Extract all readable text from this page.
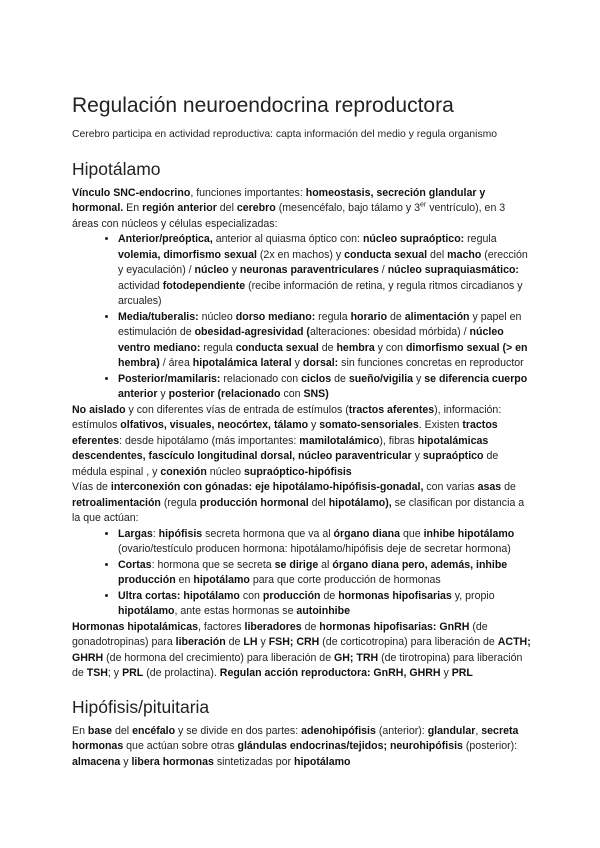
Regulación neuroendocrina reproductora

Cerebro participa en actividad reproductiva: capta información del medio y regula organismo

Hipotálamo

Vínculo SNC-endocrino, funciones importantes: homeostasis, secreción glandular y hormonal. En región anterior del cerebro (mesencéfalo, bajo tálamo y 3er ventrículo), en 3 áreas con núcleos y células especializadas:

• Anterior/preóptica, anterior al quiasma óptico con: núcleo supraóptico: regula volemia, dimorfismo sexual (2x en machos) y conducta sexual del macho (erección y eyaculación) / núcleo y neuronas paraventriculares / núcleo supraquiasmático: actividad fotodependiente (recibe información de retina, y regula ritmos circadianos y arcuales)
• Media/tuberalis: núcleo dorso mediano: regula horario de alimentación y papel en estimulación de obesidad-agresividad (alteraciones: obesidad mórbida) / núcleo ventro mediano: regula conducta sexual de hembra y con dimorfismo sexual (> en hembra) / área hipotalámica lateral y dorsal: sin funciones concretas en reproductor
• Posterior/mamilaris: relacionado con ciclos de sueño/vigilia y se diferencia cuerpo anterior y posterior (relacionado con SNS)

No aislado y con diferentes vías de entrada de estímulos (tractos aferentes), información: estímulos olfativos, visuales, neocórtex, tálamo y somato-sensoriales. Existen tractos eferentes: desde hipotálamo (más importantes: mamilotalámico), fibras hipotalámicas descendentes, fascículo longitudinal dorsal, núcleo paraventricular y supraóptico de médula espinal , y conexión núcleo supraóptico-hipófisis

Vías de interconexión con gónadas: eje hipotálamo-hipófisis-gonadal, con varias asas de retroalimentación (regula producción hormonal del hipotálamo), se clasifican por distancia a la que actúan:

• Largas: hipófisis secreta hormona que va al órgano diana que inhibe hipotálamo (ovario/testículo producen hormona: hipotálamo/hipófisis deje de secretar hormona)
• Cortas: hormona que se secreta se dirige al órgano diana pero, además, inhibe producción en hipotálamo para que corte producción de hormonas
• Ultra cortas: hipotálamo con producción de hormonas hipofisarias y, propio hipotálamo, ante estas hormonas se autoinhibe

Hormonas hipotalámicas, factores liberadores de hormonas hipofisarias: GnRH (de gonadotropinas) para liberación de LH y FSH; CRH (de corticotropina) para liberación de ACTH; GHRH (de hormona del crecimiento) para liberación de GH; TRH (de tirotropina) para liberación de TSH; y PRL (de prolactina). Regulan acción reproductora: GnRH, GHRH y PRL

Hipófisis/pituitaria

En base del encéfalo y se divide en dos partes: adenohipófisis (anterior): glandular, secreta hormonas que actúan sobre otras glándulas endocrinas/tejidos; neurohipófisis (posterior): almacena y libera hormonas sintetizadas por hipotálamo
